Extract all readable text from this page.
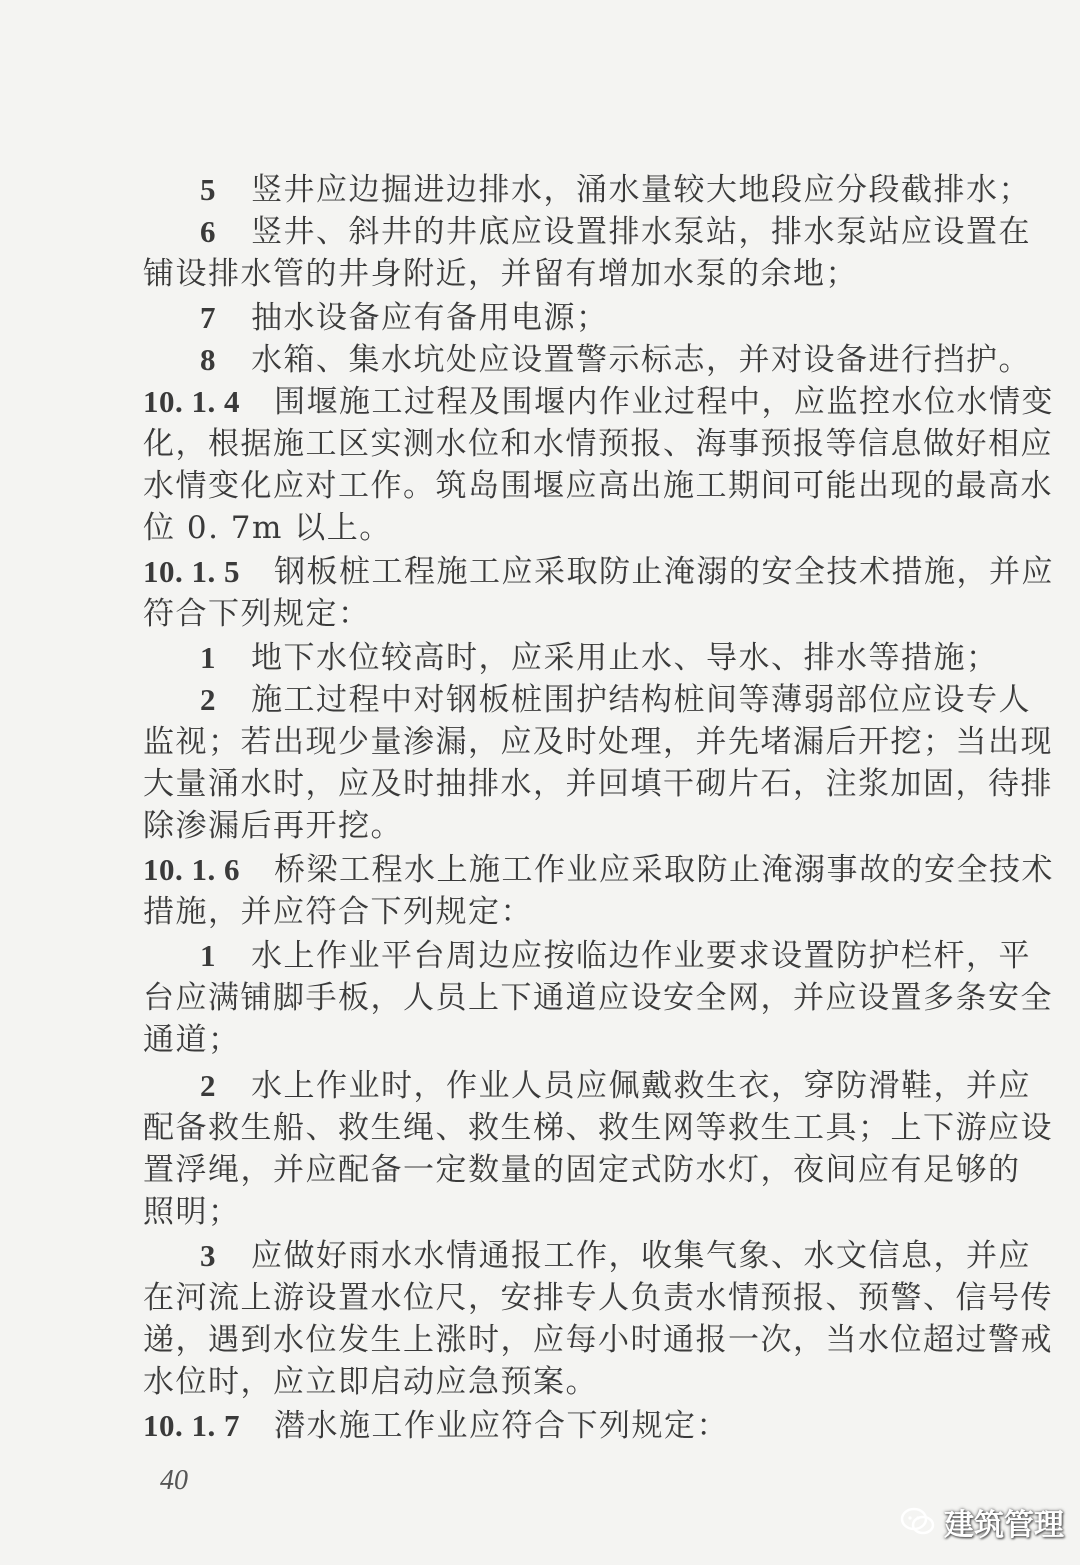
5 竖井应边掘进边排水，涌水量较大地段应分段截排水；
6 竖井、斜井的井底应设置排水泵站，排水泵站应设置在
铺设排水管的井身附近，并留有增加水泵的余地；
7 抽水设备应有备用电源；
8 水箱、集水坑处应设置警示标志，并对设备进行挡护。
10. 1. 4 围堰施工过程及围堰内作业过程中，应监控水位水情变
化，根据施工区实测水位和水情预报、海事预报等信息做好相应
水情变化应对工作。筑岛围堰应高出施工期间可能出现的最高水
位 0. 7m 以上。
10. 1. 5 钢板桩工程施工应采取防止淹溺的安全技术措施，并应
符合下列规定：
1 地下水位较高时，应采用止水、导水、排水等措施；
2 施工过程中对钢板桩围护结构桩间等薄弱部位应设专人
监视；若出现少量渗漏，应及时处理，并先堵漏后开挖；当出现
大量涌水时，应及时抽排水，并回填干砌片石，注浆加固，待排
除渗漏后再开挖。
10. 1. 6 桥梁工程水上施工作业应采取防止淹溺事故的安全技术
措施，并应符合下列规定：
1 水上作业平台周边应按临边作业要求设置防护栏杆，平
台应满铺脚手板，人员上下通道应设安全网，并应设置多条安全
通道；
2 水上作业时，作业人员应佩戴救生衣，穿防滑鞋，并应
配备救生船、救生绳、救生梯、救生网等救生工具；上下游应设
置浮绳，并应配备一定数量的固定式防水灯，夜间应有足够的
照明；
3 应做好雨水水情通报工作，收集气象、水文信息，并应
在河流上游设置水位尺，安排专人负责水情预报、预警、信号传
递，遇到水位发生上涨时，应每小时通报一次，当水位超过警戒
水位时，应立即启动应急预案。
10. 1. 7 潜水施工作业应符合下列规定：
40
建筑管理
